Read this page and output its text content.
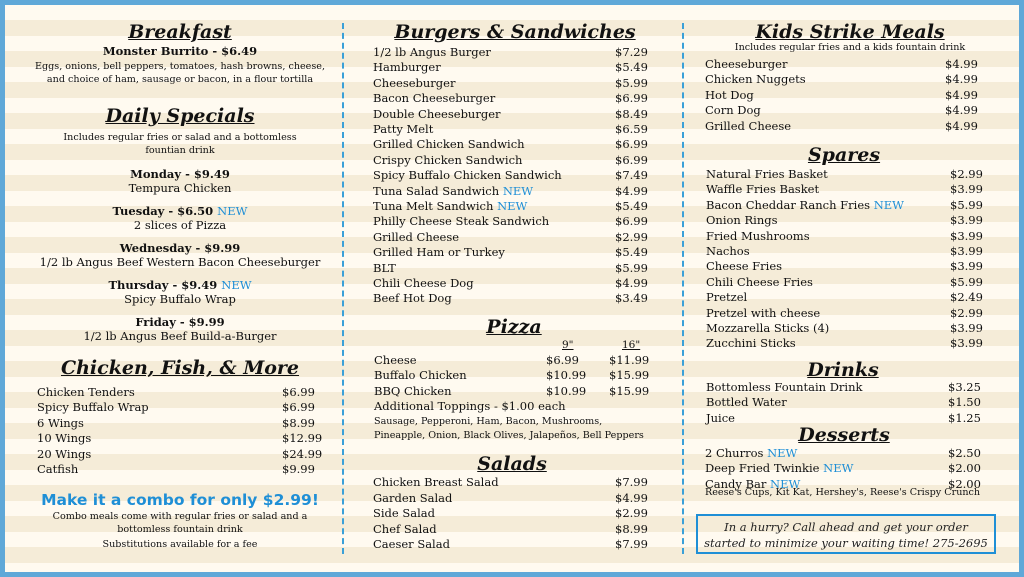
Breakfast
Monster Burrito - $6.49
Eggs, onions, bell peppers, tomatoes, hash browns, cheese,
and choice of ham, sausage or bacon, in a flour tortilla
Daily Specials
Includes regular fries or salad and a bottomless
fountian drink
Monday - $9.49
Tempura Chicken
Tuesday - $6.50 NEW
2 slices of Pizza
Wednesday - $9.99
1/2 lb Angus Beef Western Bacon Cheeseburger
Thursday - $9.49 NEW
Spicy Buffalo Wrap
Friday - $9.99
1/2 lb Angus Beef Build-a-Burger
Chicken, Fish, & More
Chicken Tenders	$6.99
Spicy Buffalo Wrap	$6.99
6 Wings	$8.99
10 Wings	$12.99
20 Wings	$24.99
Catfish	$9.99
Make it a combo for only $2.99!
Combo meals come with regular fries or salad and a
bottomless fountain drink
Substitutions available for a fee
Burgers & Sandwiches
1/2 lb Angus Burger	$7.29
Hamburger	$5.49
Cheeseburger	$5.99
Bacon Cheeseburger	$6.99
Double Cheeseburger	$8.49
Patty Melt	$6.59
Grilled Chicken Sandwich	$6.99
Crispy Chicken Sandwich	$6.99
Spicy Buffalo Chicken Sandwich	$7.49
Tuna Salad Sandwich NEW	$4.99
Tuna Melt Sandwich NEW	$5.49
Philly Cheese Steak Sandwich	$6.99
Grilled Cheese	$2.99
Grilled Ham or Turkey	$5.49
BLT	$5.99
Chili Cheese Dog	$4.99
Beef Hot Dog	$3.49
Pizza
9"	16"
Cheese	$6.99	$11.99
Buffalo Chicken	$10.99 $15.99
BBQ Chicken	$10.99 $15.99
Additional Toppings - $1.00 each
Sausage, Pepperoni, Ham, Bacon, Mushrooms,
Pineapple, Onion, Black Olives, Jalapeños, Bell Peppers
Salads
Chicken Breast Salad	$7.99
Garden Salad	$4.99
Side Salad	$2.99
Chef Salad	$8.99
Caeser Salad	$7.99
Kids Strike Meals
Includes regular fries and a kids fountain drink
Cheeseburger	$4.99
Chicken Nuggets	$4.99
Hot Dog	$4.99
Corn Dog	$4.99
Grilled Cheese	$4.99
Spares
Natural Fries Basket	$2.99
Waffle Fries Basket	$3.99
Bacon Cheddar Ranch Fries NEW	$5.99
Onion Rings	$3.99
Fried Mushrooms	$3.99
Nachos	$3.99
Cheese Fries	$3.99
Chili Cheese Fries	$5.99
Pretzel	$2.49
Pretzel with cheese	$2.99
Mozzarella Sticks (4)	$3.99
Zucchini Sticks	$3.99
Drinks
Bottomless Fountain Drink	$3.25
Bottled Water	$1.50
Juice	$1.25
Desserts
2 Churros NEW	$2.50
Deep Fried Twinkie NEW	$2.00
Candy Bar NEW	$2.00
Reese's Cups, Kit Kat, Hershey's, Reese's Crispy Crunch
In a hurry? Call ahead and get your order
started to minimize your waiting time! 275-2695
